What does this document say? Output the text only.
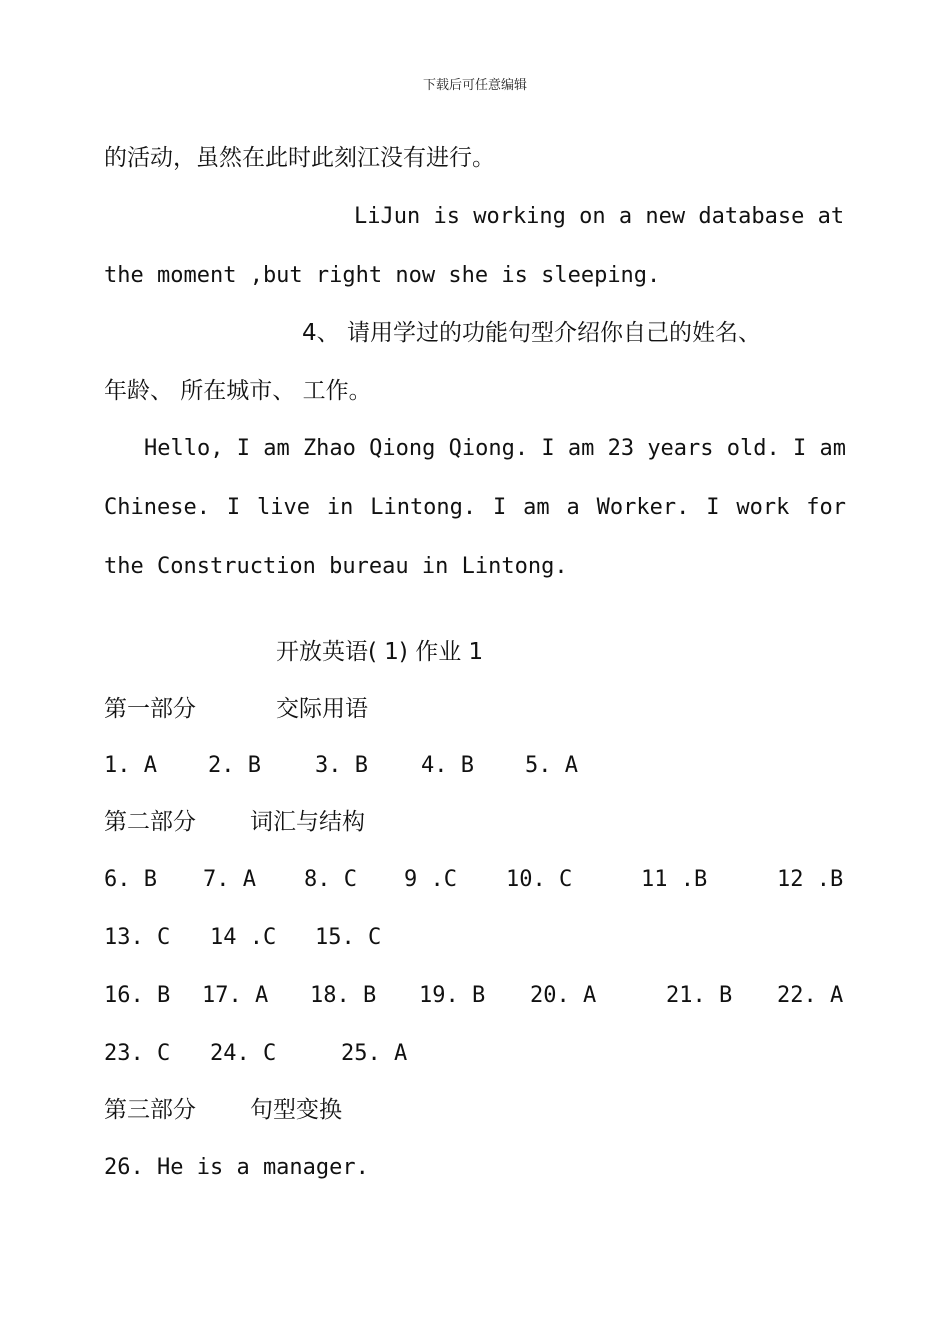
下载后可任意编辑
的活动，虽然在此时此刻江没有进行。
LiJun is working on a new database at
the moment ,but right now she is sleeping.
4、 请用学过的功能句型介绍你自己的姓名、
年龄、 所在城市、 工作。
Hello, I am Zhao Qiong Qiong. I am 23 years old. I am
Chinese. I live in Lintong. I am a Worker. I work for
the Construction bureau in Lintong.
开放英语( 1) 作业 1
第一部分	交际用语
1. A 2. B 3. B 4. B 5. A
第二部分 词汇与结构
6. B 7. A 8. C 9 .C 10. C	11 .B	12 .B
13. C 14 .C 15. C
16. B 17. A 18. B 19. B 20. A	21. B 22. A
23. C 24. C	25. A
第三部分 句型变换
26. He is a manager.
